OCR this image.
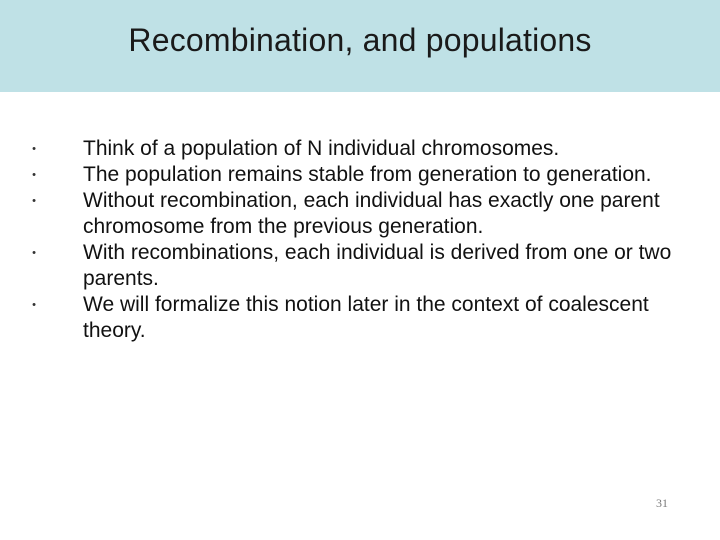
Recombination, and populations
• Think of a population of N individual chromosomes.
• The population remains stable from generation to generation.
• Without recombination, each individual has exactly one parent chromosome from the previous generation.
• With recombinations, each individual is derived from one or two parents.
• We will formalize this notion later in the context of coalescent theory.
31
